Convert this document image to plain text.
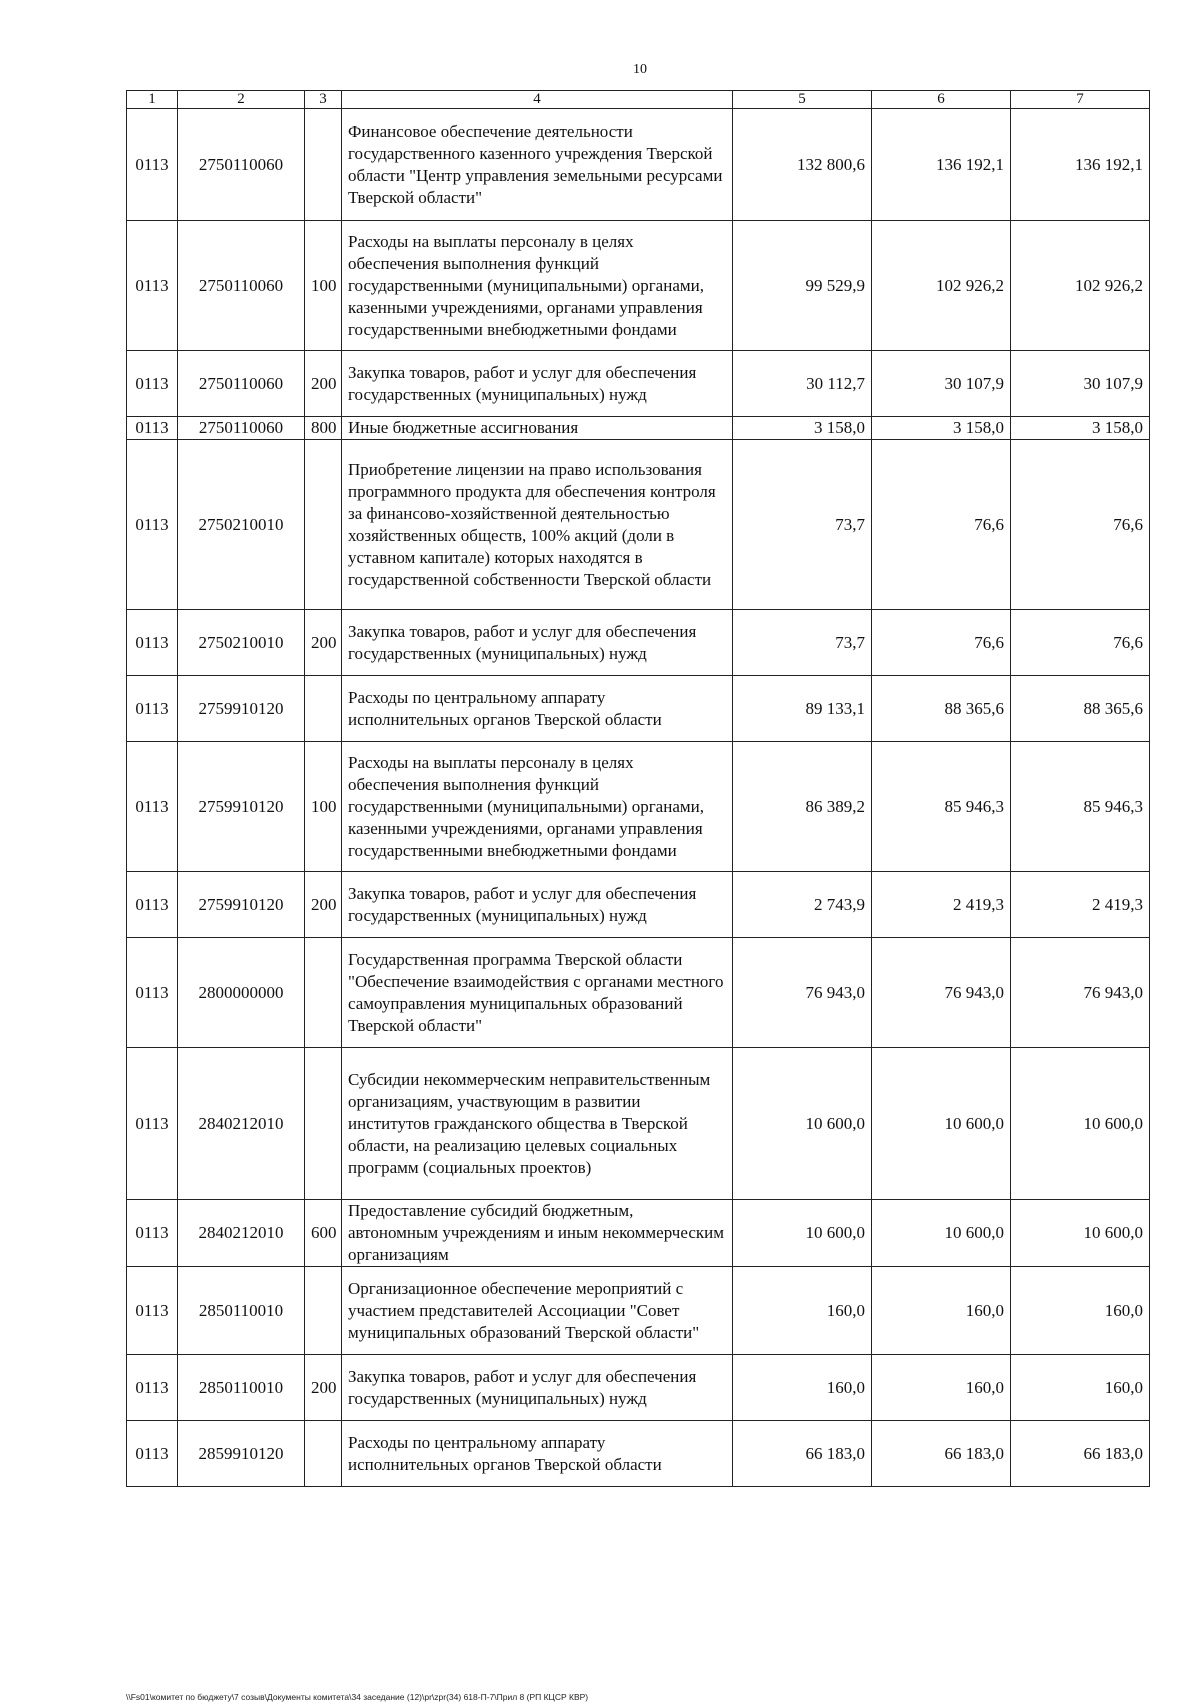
10
1	2	3	4	5	6	7
0113	2750110060		Финансовое обеспечение деятельности государственного казенного учреждения Тверской области "Центр управления земельными ресурсами Тверской области"	132 800,6	136 192,1	136 192,1
0113	2750110060	100	Расходы на выплаты персоналу в целях обеспечения выполнения функций государственными (муниципальными) органами, казенными учреждениями, органами управления государственными внебюджетными фондами	99 529,9	102 926,2	102 926,2
0113	2750110060	200	Закупка товаров, работ и услуг для обеспечения государственных (муниципальных) нужд	30 112,7	30 107,9	30 107,9
0113	2750110060	800	Иные бюджетные ассигнования	3 158,0	3 158,0	3 158,0
0113	2750210010		Приобретение лицензии на право использования программного продукта для обеспечения контроля за финансово-хозяйственной деятельностью хозяйственных обществ, 100% акций (доли в уставном капитале) которых находятся в государственной собственности Тверской области	73,7	76,6	76,6
0113	2750210010	200	Закупка товаров, работ и услуг для обеспечения государственных (муниципальных) нужд	73,7	76,6	76,6
0113	2759910120		Расходы по центральному аппарату исполнительных органов Тверской области	89 133,1	88 365,6	88 365,6
0113	2759910120	100	Расходы на выплаты персоналу в целях обеспечения выполнения функций государственными (муниципальными) органами, казенными учреждениями, органами управления государственными внебюджетными фондами	86 389,2	85 946,3	85 946,3
0113	2759910120	200	Закупка товаров, работ и услуг для обеспечения государственных (муниципальных) нужд	2 743,9	2 419,3	2 419,3
0113	2800000000		Государственная программа Тверской области "Обеспечение взаимодействия с органами местного самоуправления муниципальных образований Тверской области"	76 943,0	76 943,0	76 943,0
0113	2840212010		Субсидии некоммерческим неправительственным организациям, участвующим в развитии институтов гражданского общества в Тверской области, на реализацию целевых социальных программ (социальных проектов)	10 600,0	10 600,0	10 600,0
0113	2840212010	600	Предоставление субсидий бюджетным, автономным учреждениям и иным некоммерческим организациям	10 600,0	10 600,0	10 600,0
0113	2850110010		Организационное обеспечение мероприятий с участием представителей Ассоциации "Совет муниципальных образований Тверской области"	160,0	160,0	160,0
0113	2850110010	200	Закупка товаров, работ и услуг для обеспечения государственных (муниципальных) нужд	160,0	160,0	160,0
0113	2859910120		Расходы по центральному аппарату исполнительных органов Тверской области	66 183,0	66 183,0	66 183,0
\\Fs01\комитет по бюджету\7 созыв\Документы комитета\34 заседание (12)\pr\zpr(34) 618-П-7\Прил 8 (РП КЦСР КВР)
